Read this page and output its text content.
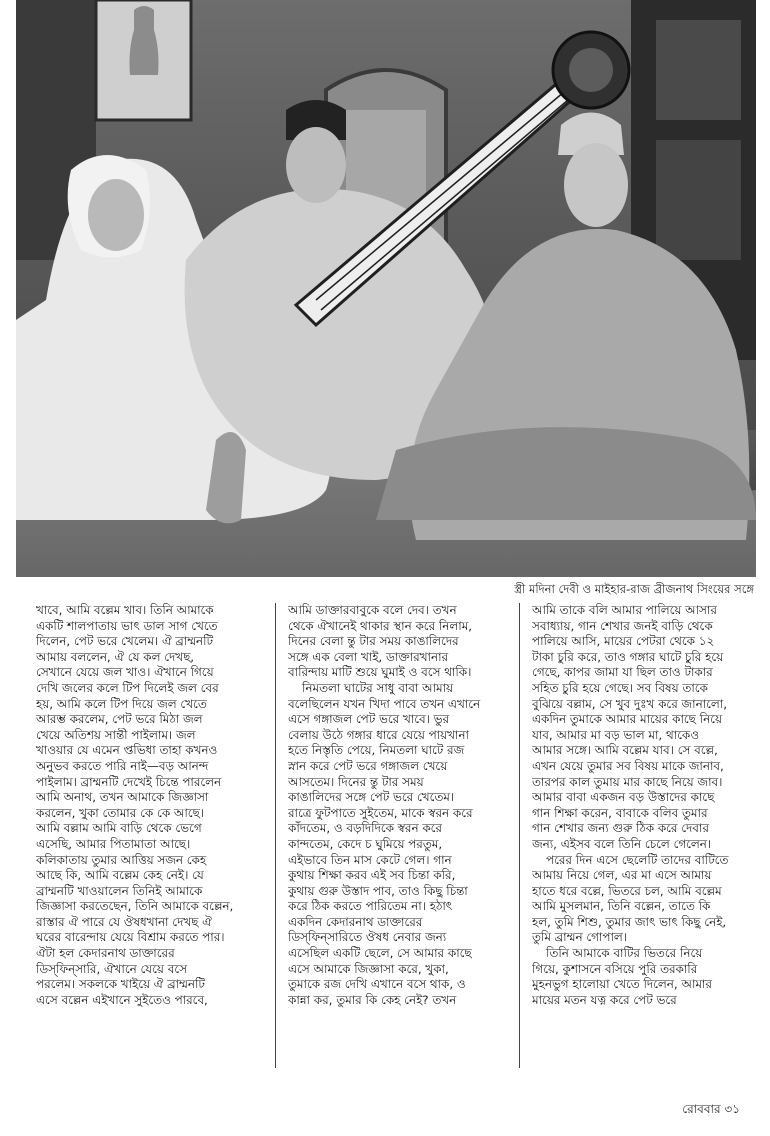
স্ত্রী মদিনা দেবী ও মাইহার-রাজ ব্রীজনাথ সিংয়ের সঙ্গে
খাবে, আমি বল্লেম খাব। তিনি আমাকে
একটি শালপাতায় ভাৎ ডাল সাগ খেতে
দিলেন, পেট ভরে খেলেম। ঐ ব্রাম্মনটি
আমায় বললেন, ঐ যে কল দেখছ,
সেখানে যেয়ে জল খাও। ঐখানে গিয়ে
দেখি জলের কলে টিপ দিলেই জল বের
হয়, আমি কলে টিপ দিয়ে জল খেতে
আরম্ভ করলেম, পেট ভরে মিঠা জল
খেয়ে অতিশয় সান্তী পাইলাম। জল
খাওয়ার যে এমেন প্তভিধা তাহা কখনও
অনুভব করতে পারি নাই—বড় আনন্দ
পাইলাম। ব্রাম্মনটি দেখেই চিন্তে পারলেন
আমি অনাথ, তখন আমাকে জিজ্ঞাসা
করলেন, খুকা তোমার কে কে আছে।
আমি বল্লাম আমি বাড়ি থেকে ভেগে
এসেছি, আমার পিতামাতা আছে।
কলিকাতায় তুমার আত্তিয় সজন কেহ
আছে কি, আমি বল্লেম কেহ নেই। যে
ব্রাম্মনটি খাওয়ালেন তিনিই আমাকে
জিজ্ঞাসা করতেছেন, তিনি আমাকে বল্লেন,
রাস্তার ঐ পারে যে ঔষধখানা দেখছ ঐ
ঘরের বারেন্দায় যেয়ে বিশ্রাম করতে পার।
ঐটা হল কেদারনাথ ডাক্তারের
ডিস্‌ফিন্‌সারি, ঐখানে যেয়ে বসে
পরলেম। সকলকে খাইয়ে ঐ ব্রাম্মনটি
এসে বল্লেন এইখানে সুইতেও পারবে,
আমি ডাক্তারবাবুকে বলে দেব। তখন
থেকে ঐখানেই থাকার স্থান করে নিলাম,
দিনের বেলা ন্তু টার সময় কাঙালিদের
সঙ্গে এক বেলা খাই, ডাক্তারখানার
বারিন্দায় মাটি শুয়ে ঘুমাই ও বসে থাকি।
নিমতলা ঘাটের সাধু বাবা আমায়
বলেছিলেন যখন খিদা পাবে তখন এখানে
এসে গঙ্গাজল পেট ভরে খাবে। ভুর
বেলায় উঠে গঙ্গার ধারে যেয়ে পায়খানা
হতে নিস্তৃতি পেয়ে, নিমতলা ঘাটে রজ
স্নান করে পেট ভরে গঙ্গাজল খেয়ে
আসতেম। দিনের ন্তু টার সময়
কাঙালিদের সঙ্গে পেট ভরে খেতেম।
রাত্রে ফুটপাতে সুইতেম, মাকে স্বরন করে
কাঁদতেম, ও বড়দিদিকে স্বরন করে
কান্দতেম, কেদে চ ঘুমিয়ে পরতুম,
এইভাবে তিন মাস কেটে গেল। গান
কুথায় শিক্ষা করব এই সব চিন্তা করি,
কুথায় গুরু উস্তাদ পাব, তাও কিছু চিন্তা
করে ঠিক করতে পারিতেম না। হঠাৎ
একদিন কেদারনাথ ডাক্তারের
ডিস্‌ফিন্‌সারিতে ঔষধ নেবার জন্য
এসেছিল একটি ছেলে, সে আমার কাছে
এসে আমাকে জিজ্ঞাসা করে, খুকা,
তুমাকে রজ দেখি এখানে বসে থাক, ও
কান্না কর, তুমার কি কেহ নেই? তখন
আমি তাকে বলি আমার পালিয়ে আসার
সবাধ্যায়, গান শেখার জনই বাড়ি থেকে
পালিয়ে আসি, মায়ের পেটরা থেকে ১২
টাকা চুরি করে, তাও গঙ্গার ঘাটে চুরি হয়ে
গেছে, কাপর জামা যা ছিল তাও টাকার
সহিত চুরি হয়ে গেছে। সব বিষয় তাকে
বুঝিয়ে বল্লাম, সে খুব দুঃখ করে জানালো,
একদিন তুমাকে আমার মায়ের কাছে নিয়ে
যাব, আমার মা বড় ভাল মা, থাকেও
আমার সঙ্গে। আমি বল্লেম যাব। সে বল্লে,
এখন যেয়ে তুমার সব বিষয় মাকে জানাব,
তারপর কাল তুমায় মার কাছে নিয়ে জাব।
আমার বাবা একজন বড় উস্তাদের কাছে
গান শিক্ষা করেন, বাবাকে বলিব তুমার
গান শেখার জন্য গুরু ঠিক করে দেবার
জন্য, এইসব বলে তিনি চেলে গেলেন।
পরের দিন এসে ছেলেটি তাদের বাটিতে
আমায় নিয়ে গেল, এর মা এসে আমায়
হাতে ধরে বল্লে, ভিতরে চল, আমি বল্লেম
আমি মুসলমান, তিনি বল্লেন, তাতে কি
হল, তুমি শিশু, তুমার জাৎ ভাৎ কিছু নেই,
তুমি ব্রাম্মন গোপাল।
তিনি আমাকে বাটির ভিতরে নিয়ে
গিয়ে, কুশাসনে বসিয়ে পুরি তরকারি
মুহনভুগ হালোয়া খেতে দিলেন, আমার
মায়ের মতন যত্ন করে পেট ভরে
রোববার ৩১
